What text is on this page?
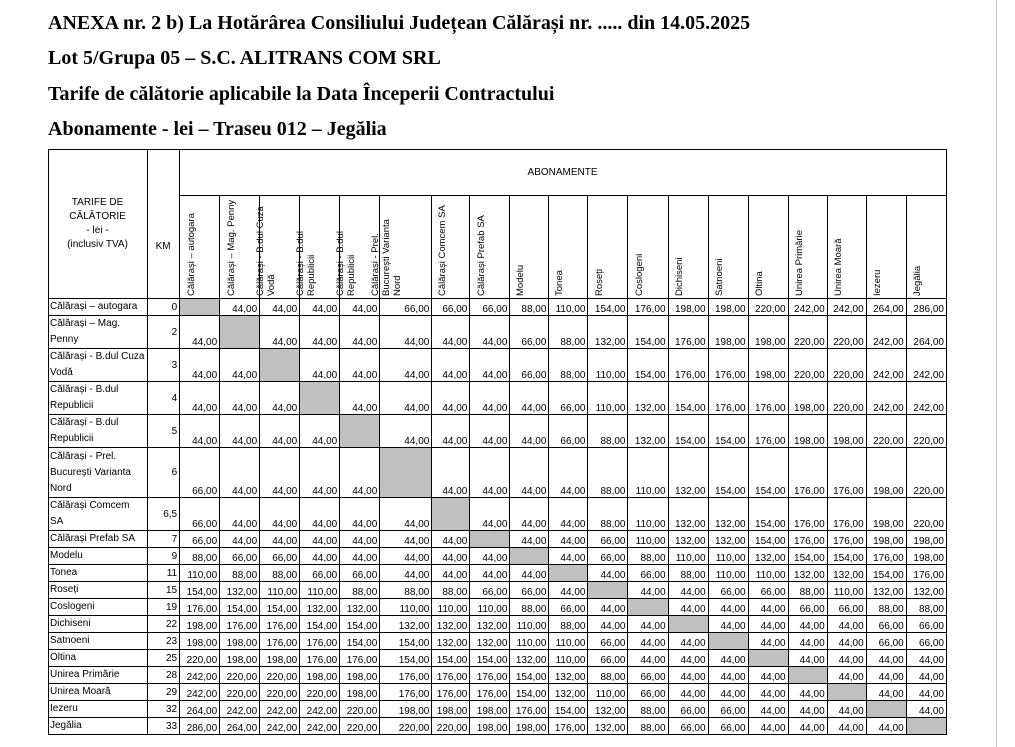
ANEXA nr. 2 b) La Hotărârea Consiliului Județean Călărași nr. ..... din 14.05.2025
Lot 5/Grupa 05 – S.C. ALITRANS COM SRL
Tarife de călătorie aplicabile la Data Începerii Contractului
Abonamente - lei – Traseu 012 – Jegălia
TARIFE DE
CĂLĂTORIE
- lei -
(inclusiv TVA)		ABONAMENTE																		
	KM	Călărași – autogara	Călărași – Mag. Penny	Călărași - B.dul Cuza Vodă	Călărași - B.dul Republicii	Călărași - B.dul Republicii	Călărași - Prel. București Varianta Nord	Călărași Comcem SA	Călărași Prefab SA	Modelu	Tonea	Roseți	Coslogeni	Dichiseni	Satnoeni	Oltina	Unirea Primărie	Unirea Moară	Iezeru	Jegălia

Călărași – autogara	0		44,00	44,00	44,00	44,00	66,00	66,00	66,00	88,00	110,00	154,00	176,00	198,00	198,00	220,00	242,00	242,00	264,00	286,00
Călărași – Mag. Penny	2	44,00		44,00	44,00	44,00	44,00	44,00	44,00	66,00	88,00	132,00	154,00	176,00	198,00	198,00	220,00	220,00	242,00	264,00
Călărași - B.dul Cuza Vodă	3	44,00	44,00		44,00	44,00	44,00	44,00	44,00	66,00	88,00	110,00	154,00	176,00	176,00	198,00	220,00	220,00	242,00	242,00
Călărași - B.dul Republicii	4	44,00	44,00	44,00		44,00	44,00	44,00	44,00	44,00	66,00	110,00	132,00	154,00	176,00	176,00	198,00	220,00	242,00	242,00
Călărași - B.dul Republicii	5	44,00	44,00	44,00	44,00		44,00	44,00	44,00	44,00	66,00	88,00	132,00	154,00	154,00	176,00	198,00	198,00	220,00	220,00
Călărași - Prel. București Varianta Nord	6	66,00	44,00	44,00	44,00	44,00		44,00	44,00	44,00	44,00	88,00	110,00	132,00	154,00	154,00	176,00	176,00	198,00	220,00
Călărași Comcem SA	6,5	66,00	44,00	44,00	44,00	44,00	44,00		44,00	44,00	44,00	88,00	110,00	132,00	132,00	154,00	176,00	176,00	198,00	220,00
Călărași Prefab SA	7	66,00	44,00	44,00	44,00	44,00	44,00	44,00		44,00	44,00	66,00	110,00	132,00	132,00	154,00	176,00	176,00	198,00	198,00
Modelu	9	88,00	66,00	66,00	44,00	44,00	44,00	44,00	44,00		44,00	66,00	88,00	110,00	110,00	132,00	154,00	154,00	176,00	198,00
Tonea	11	110,00	88,00	88,00	66,00	66,00	44,00	44,00	44,00	44,00		44,00	66,00	88,00	110,00	110,00	132,00	132,00	154,00	176,00
Roseți	15	154,00	132,00	110,00	110,00	88,00	88,00	88,00	66,00	66,00	44,00		44,00	44,00	66,00	66,00	88,00	110,00	132,00	132,00
Coslogeni	19	176,00	154,00	154,00	132,00	132,00	110,00	110,00	110,00	88,00	66,00	44,00		44,00	44,00	44,00	66,00	66,00	88,00	88,00
Dichiseni	22	198,00	176,00	176,00	154,00	154,00	132,00	132,00	132,00	110,00	88,00	44,00	44,00		44,00	44,00	44,00	44,00	66,00	66,00
Satnoeni	23	198,00	198,00	176,00	176,00	154,00	154,00	132,00	132,00	110,00	110,00	66,00	44,00	44,00		44,00	44,00	44,00	66,00	66,00
Oltina	25	220,00	198,00	198,00	176,00	176,00	154,00	154,00	154,00	132,00	110,00	66,00	44,00	44,00	44,00		44,00	44,00	44,00	44,00
Unirea Primărie	28	242,00	220,00	220,00	198,00	198,00	176,00	176,00	176,00	154,00	132,00	88,00	66,00	44,00	44,00	44,00		44,00	44,00	44,00
Unirea Moară	29	242,00	220,00	220,00	220,00	198,00	176,00	176,00	176,00	154,00	132,00	110,00	66,00	44,00	44,00	44,00	44,00		44,00	44,00
Iezeru	32	264,00	242,00	242,00	242,00	220,00	198,00	198,00	198,00	176,00	154,00	132,00	88,00	66,00	66,00	44,00	44,00	44,00		44,00
Jegălia	33	286,00	264,00	242,00	242,00	220,00	220,00	220,00	198,00	198,00	176,00	132,00	88,00	66,00	66,00	44,00	44,00	44,00	44,00	
